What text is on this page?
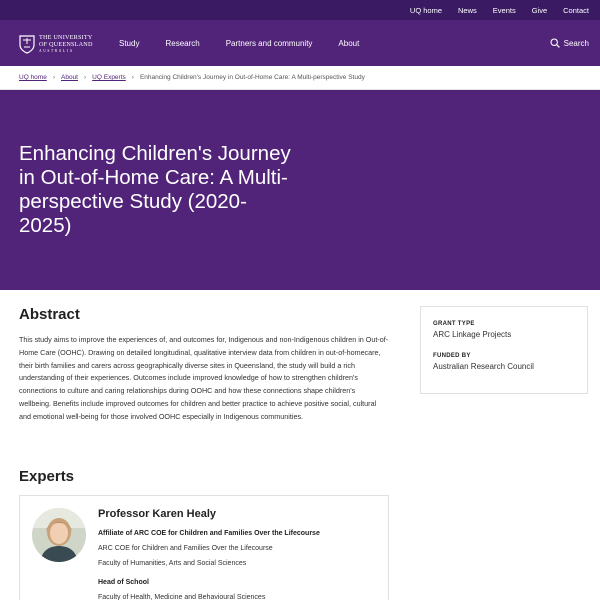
UQ home News Events Give Contact
THE UNIVERSITY
OF QUEENSLAND
AUSTRALIA
Study	Research	Partners and community	About	Search
UQ home › About › UQ Experts › Enhancing Children's Journey in Out-of-Home Care: A Multi-perspective Study
Enhancing Children's Journey in Out-of-Home Care: A Multi-perspective Study (2020-2025)
Abstract

This study aims to improve the experiences of, and outcomes for, Indigenous and non-Indigenous children in Out-of-Home Care (OOHC). Drawing on detailed longitudinal, qualitative interview data from children in out-of-homecare, their birth families and carers across geographically diverse sites in Queensland, the study will build a rich understanding of their experiences. Outcomes include improved knowledge of how to strengthen children's connections to culture and caring relationships during OOHC and how these connections shape children's wellbeing. Benefits include improved outcomes for children and better practice to achieve positive social, cultural and emotional well-being for those involved OOHC especially in Indigenous communities.

GRANT TYPE
ARC Linkage Projects
FUNDED BY
Australian Research Council
Experts
Professor Karen Healy
Affiliate of ARC COE for Children and Families Over the Lifecourse
ARC COE for Children and Families Over the Lifecourse
Faculty of Humanities, Arts and Social Sciences
Head of School
Faculty of Health, Medicine and Behavioural Sciences
